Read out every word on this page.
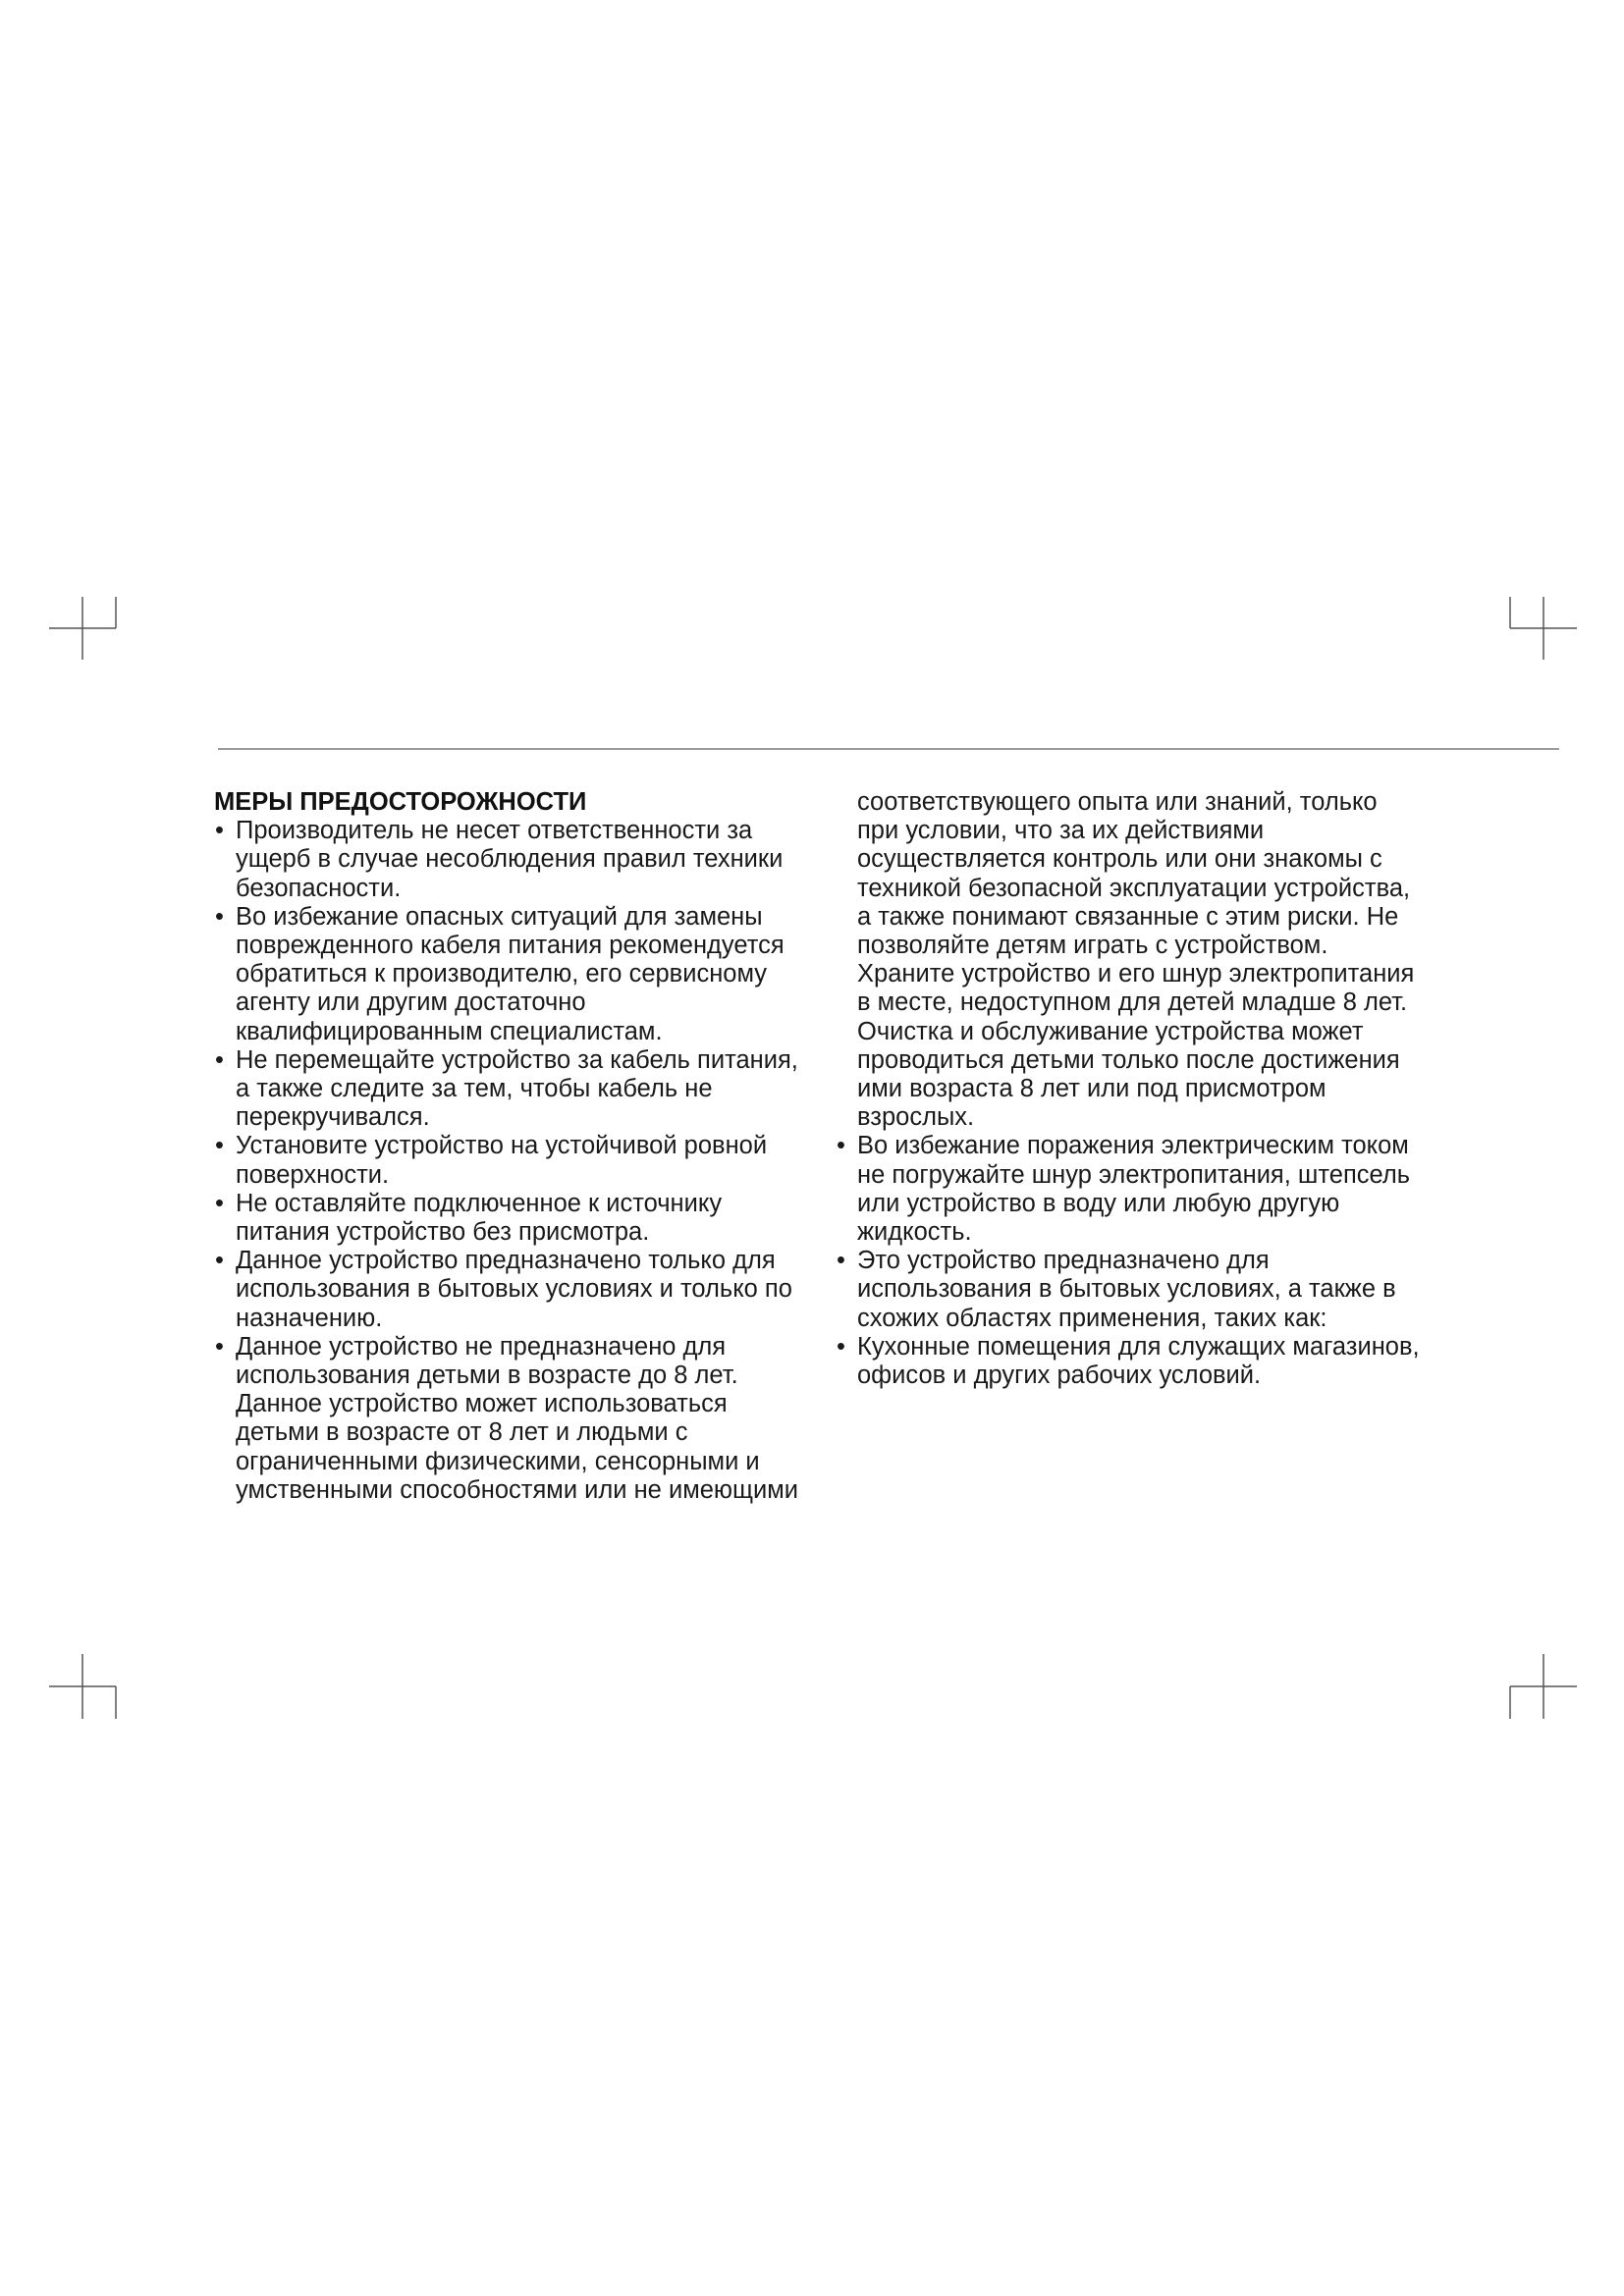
МЕРЫ ПРЕДОСТОРОЖНОСТИ
• Производитель не несет ответственности за ущерб в случае несоблюдения правил техники безопасности.
• Во избежание опасных ситуаций для замены поврежденного кабеля питания рекомендуется обратиться к производителю, его сервисному агенту или другим достаточно квалифицированным специалистам.
• Не перемещайте устройство за кабель питания, а также следите за тем, чтобы кабель не перекручивался.
• Установите устройство на устойчивой ровной поверхности.
• Не оставляйте подключенное к источнику питания устройство без присмотра.
• Данное устройство предназначено только для использования в бытовых условиях и только по назначению.
• Данное устройство не предназначено для использования детьми в возрасте до 8 лет. Данное устройство может использоваться детьми в возрасте от 8 лет и людьми с ограниченными физическими, сенсорными и умственными способностями или не имеющими

соответствующего опыта или знаний, только при условии, что за их действиями осуществляется контроль или они знакомы с техникой безопасной эксплуатации устройства, а также понимают связанные с этим риски. Не позволяйте детям играть с устройством. Храните устройство и его шнур электропитания в месте, недоступном для детей младше 8 лет. Очистка и обслуживание устройства может проводиться детьми только после достижения ими возраста 8 лет или под присмотром взрослых.

• Во избежание поражения электрическим током не погружайте шнур электропитания, штепсель или устройство в воду или любую другую жидкость.
• Это устройство предназначено для использования в бытовых условиях, а также в схожих областях применения, таких как:
• Кухонные помещения для служащих магазинов, офисов и других рабочих условий.
